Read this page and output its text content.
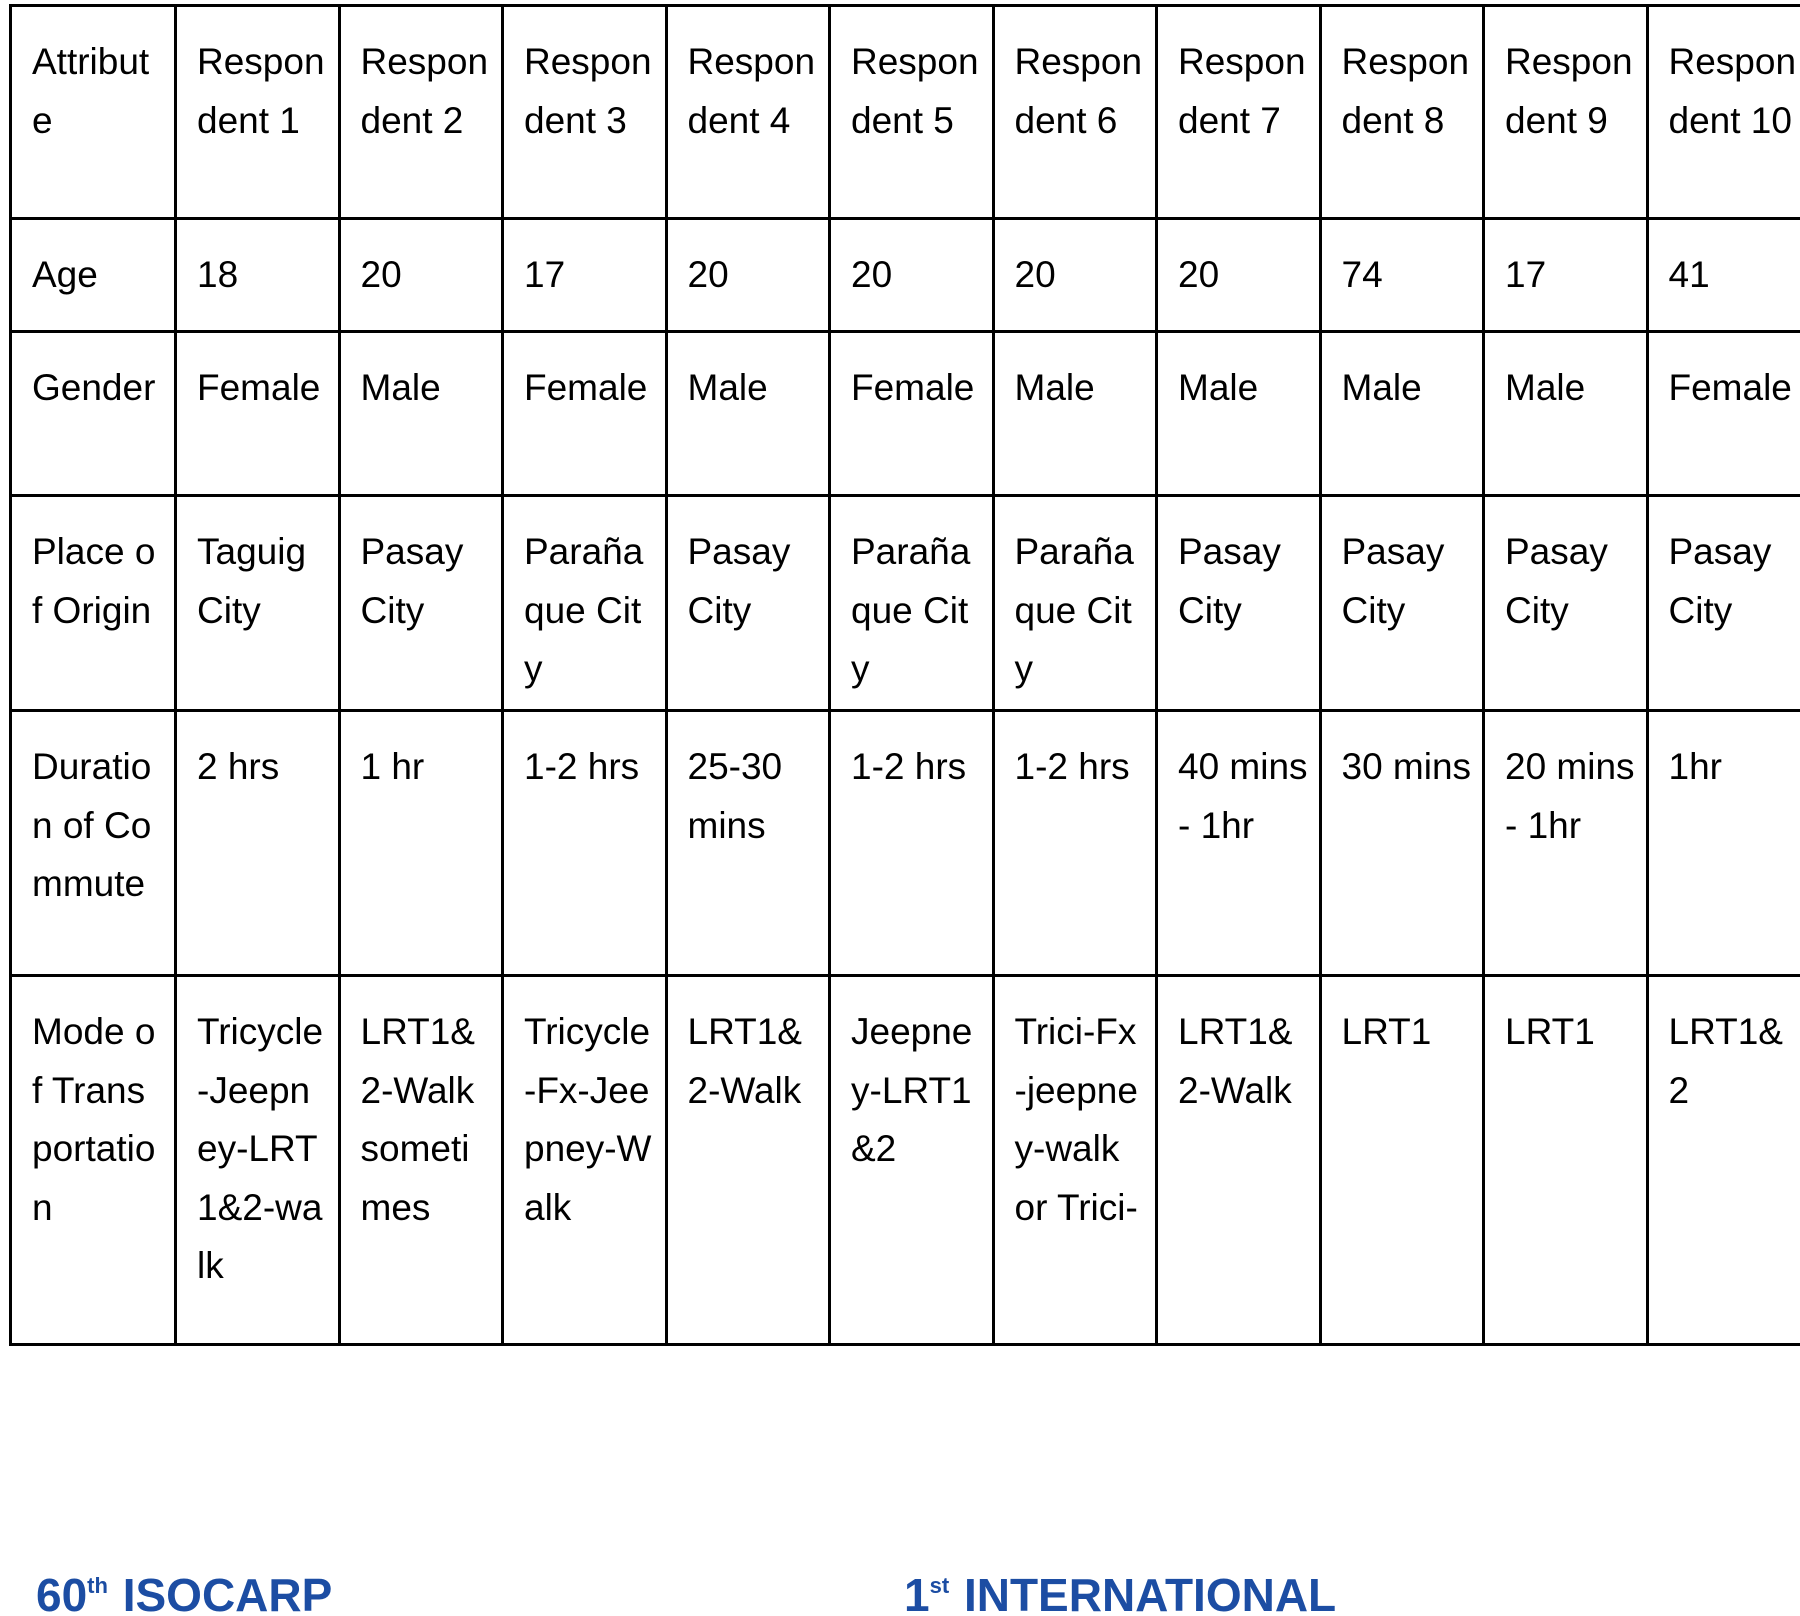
Attribute	Respondent 1	Respondent 2	Respondent 3	Respondent 4	Respondent 5	Respondent 6	Respondent 7	Respondent 8	Respondent 9	Respondent 10
Age	18	20	17	20	20	20	20	74	17	41
Gender	Female	Male	Female	Male	Female	Male	Male	Male	Male	Female
Place of Origin	Taguig City	Pasay City	Parañaque City	Pasay City	Parañaque City	Parañaque City	Pasay City	Pasay City	Pasay City	Pasay City
Duration of Commute	2 hrs	1 hr	1-2 hrs	25-30 mins	1-2 hrs	1-2 hrs	40 mins - 1hr	30 mins	20 mins- 1hr	1hr
Mode of Transportation	Tricycle-Jeepney-LRT1&2-walk	LRT1&2-Walk sometimes	Tricycle-Fx-Jeepney-Walk	LRT1&2-Walk	Jeepney-LRT1&2	Trici-Fx-jeepney-walk or Trici-	LRT1&2-Walk	LRT1	LRT1	LRT1&2
60th ISOCARP	1st INTERNATIONAL
